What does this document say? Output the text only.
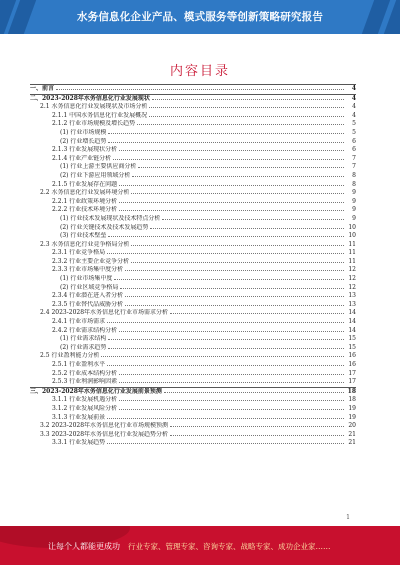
水务信息化企业产品、模式服务等创新策略研究报告
内容目录
一、前言	4
二、2023-2028年水务信息化行业发展现状	4
2.1 水务信息化行业发展现状及市场分析	4
2.1.1 中国水务信息化行业发展概况	4
2.1.2 行业市场规模及增长趋势	5
(1) 行业市场规模	5
(2) 行业增长趋势	6
2.1.3 行业发展现状分析	6
2.1.4 行业产业链分析	7
(1) 行业上游主要供应商分析	7
(2) 行业下游应用领域分析	8
2.1.5 行业发展存在问题	8
2.2 水务信息化行业发展环境分析	9
2.2.1 行业政策环境分析	9
2.2.2 行业技术环境分析	9
(1) 行业技术发展现状及技术特点分析	9
(2) 行业关键技术及技术发展趋势	10
(3) 行业技术壁垒	10
2.3 水务信息化行业竞争格局分析	11
2.3.1 行业竞争格局	11
2.3.2 行业主要企业竞争分析	11
2.3.3 行业市场集中度分析	12
(1) 行业市场集中度	12
(2) 行业区域竞争格局	12
2.3.4 行业潜在进入者分析	13
2.3.5 行业替代品威胁分析	13
2.4 2023-2028年水务信息化行业市场需求分析	14
2.4.1 行业市场需求	14
2.4.2 行业需求结构分析	14
(1) 行业需求结构	15
(2) 行业需求趋势	15
2.5 行业盈利能力分析	16
2.5.1 行业盈利水平	16
2.5.2 行业成本结构分析	17
2.5.3 行业利润影响因素	17
三、2023-2028年水务信息化行业发展前景预测	18
3.1.1 行业发展机遇分析	18
3.1.2 行业发展风险分析	19
3.1.3 行业发展前景	19
3.2 2023-2028年水务信息化行业市场规模预测	20
3.3 2023-2028年水务信息化行业发展趋势分析	21
3.3.1 行业发展趋势	21
1
让每个人都能更成功 行业专家、管理专家、咨询专家、战略专家、成功企业家……
